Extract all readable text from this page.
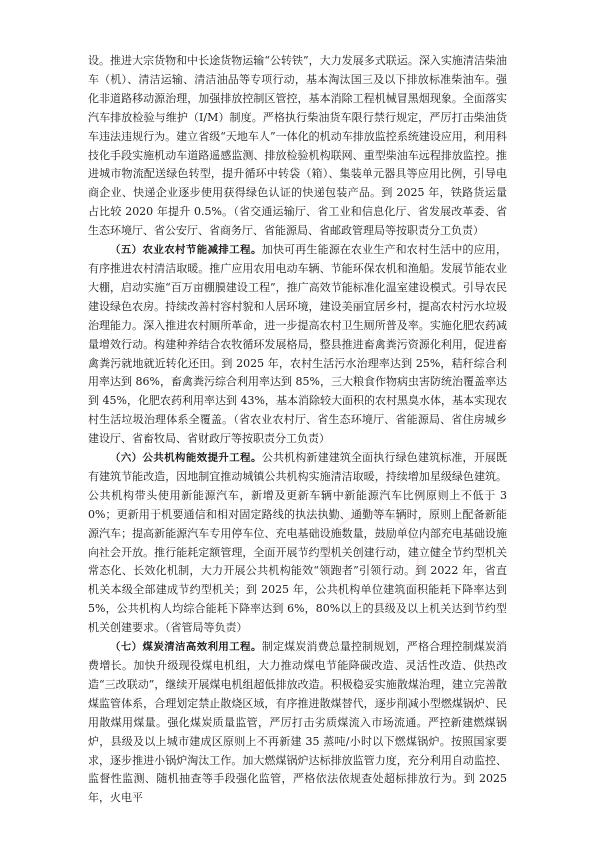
设。推进大宗货物和中长途货物运输“公转铁”，大力发展多式联运。深入实施清洁柴油车（机）、清洁运输、清洁油品等专项行动，基本淘汰国三及以下排放标准柴油车。强化非道路移动源治理，加强排放控制区管控，基本消除工程机械冒黑烟现象。全面落实汽车排放检验与维护（I/M）制度。严格执行柴油货车限行禁行规定，严厉打击柴油货车违法违规行为。建立省级“天地车人”一体化的机动车排放监控系统建设应用，利用科技化手段实施机动车道路遥感监测、排放检验机构联网、重型柴油车远程排放监控。推进城市物流配送绿色转型，提升循环中转袋（箱）、集装单元器具等应用比例，引导电商企业、快递企业逐步使用获得绿色认证的快递包装产品。到 2025 年，铁路货运量占比较 2020 年提升 0.5%。（省交通运输厅、省工业和信息化厅、省发展改革委、省生态环境厅、省公安厅、省商务厅、省能源局、省邮政管理局等按职责分工负责）

（五）农业农村节能减排工程。加快可再生能源在农业生产和农村生活中的应用，有序推进农村清洁取暖。推广应用农用电动车辆、节能环保农机和渔船。发展节能农业大棚，启动实施“百万亩棚膜建设工程”，推广高效节能标准化温室建设模式。引导农民建设绿色农房。持续改善村容村貌和人居环境，建设美丽宜居乡村，提高农村污水垃圾治理能力。深入推进农村厕所革命，进一步提高农村卫生厕所普及率。实施化肥农药减量增效行动。构建种养结合农牧循环发展格局，整县推进畜禽粪污资源化利用，促进畜禽粪污就地就近转化还田。到 2025 年，农村生活污水治理率达到 25%，秸秆综合利用率达到 86%，畜禽粪污综合利用率达到 85%，三大粮食作物病虫害防统治覆盖率达到 45%，化肥农药利用率达到 43%，基本消除较大面积的农村黑臭水体，基本实现农村生活垃圾治理体系全覆盖。（省农业农村厅、省生态环境厅、省能源局、省住房城乡建设厅、省畜牧局、省财政厅等按职责分工负责）

（六）公共机构能效提升工程。公共机构新建建筑全面执行绿色建筑标准，开展既有建筑节能改造，因地制宜推动城镇公共机构实施清洁取暖，持续增加星级绿色建筑。公共机构带头使用新能源汽车，新增及更新车辆中新能源汽车比例原则上不低于 30%；更新用于机要通信和相对固定路线的执法执勤、通勤等车辆时，原则上配备新能源汽车；提高新能源汽车专用停车位、充电基础设施数量，鼓励单位内部充电基础设施向社会开放。推行能耗定额管理，全面开展节约型机关创建行动，建立健全节约型机关常态化、长效化机制，大力开展公共机构能效“领跑者”引领行动。到 2022 年，省直机关本级全部建成节约型机关；到 2025 年，公共机构单位建筑面积能耗下降率达到 5%，公共机构人均综合能耗下降率达到 6%，80%以上的县级及以上机关达到节约型机关创建要求。（省管局等负责）

（七）煤炭清洁高效利用工程。制定煤炭消费总量控制规划，严格合理控制煤炭消费增长。加快升级现役煤电机组，大力推动煤电节能降碳改造、灵活性改造、供热改造“三改联动”，继续开展煤电机组超低排放改造。积极稳妥实施散煤治理，建立完善散煤监管体系，合理划定禁止散烧区域，有序推进散煤替代，逐步削减小型燃煤锅炉、民用散煤用煤量。强化煤炭质量监管，严厉打击劣质煤流入市场流通。严控新建燃煤锅炉，县级及以上城市建成区原则上不再新建 35 蒸吨/小时以下燃煤锅炉。按照国家要求，逐步推进小锅炉淘汰工作。加大燃煤锅炉达标排放监管力度，充分利用自动监控、监督性监测、随机抽查等手段强化监管，严格依法依规查处超标排放行为。到 2025 年，火电平
